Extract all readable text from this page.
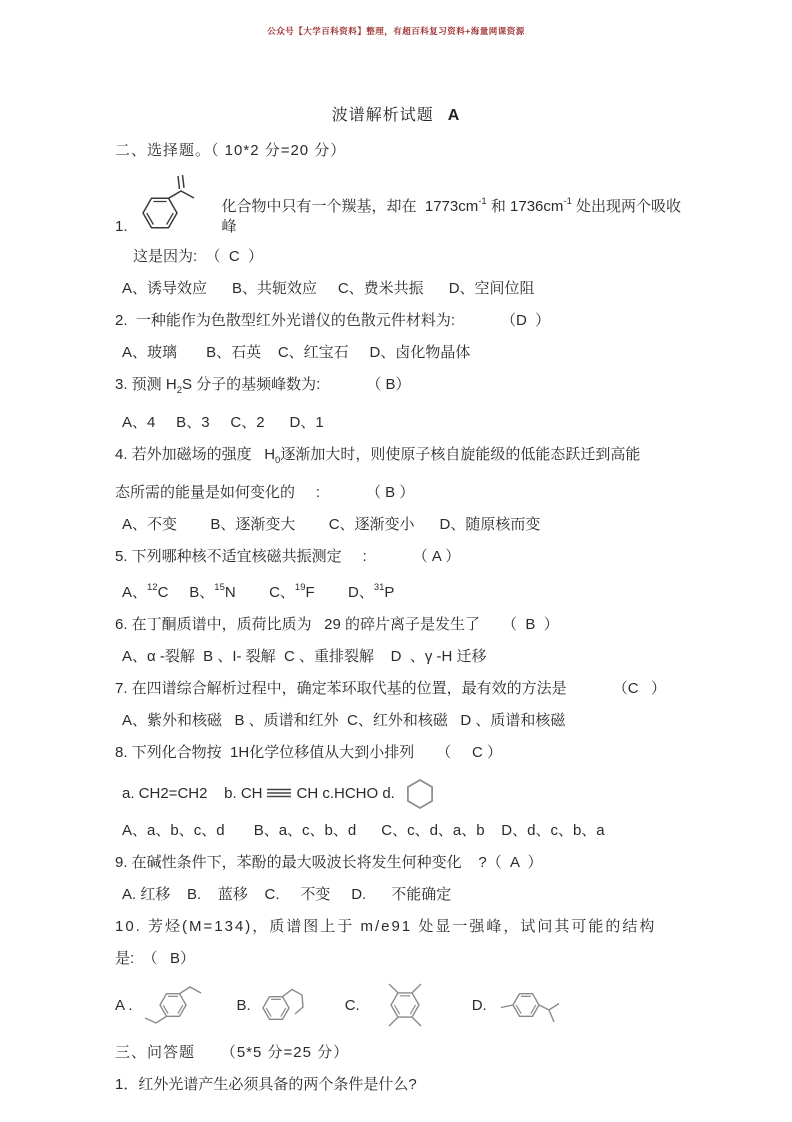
公众号【大学百科资料】整理，有超百科复习资料+海量网课资源
波谱解析试题 A
二、选择题。（ 10*2 分=20 分）
1.
化合物中只有一个羰基，却在  $1773cm^{-1}$ 和 $1736cm^{-1}$ 处出现两个吸收峰
这是因为:  （  C  ）
A、诱导效应      B、共轭效应     C、费米共振      D、空间位阻
2.  一种能作为色散型红外光谱仪的色散元件材料为:	（D  ）
A、玻璃       B、石英    C、红宝石     D、卤化物晶体
3. 预测 $H_2S$ 分子的基频峰数为:	（ B）
A、4     B、3     C、2      D、1
4. 若外加磁场的强度   $H_0$逐渐加大时，则使原子核自旋能级的低能态跃迁到高能
态所需的能量是如何变化的     :	（ B ）
A、不变        B、逐渐变大        C、逐渐变小      D、随原核而变
5. 下列哪种核不适宜核磁共振测定     :	（ A ）
A、$^{12}$C B、$^{15}$N C、$^{19}$F D、$^{31}$P
6. 在丁酮质谱中，质荷比质为   29 的碎片离子是发生了 （  B  ）
A、α -裂解  B 、I- 裂解  C 、重排裂解    D  、γ -H 迁移
7. 在四谱综合解析过程中，确定苯环取代基的位置，最有效的方法是	（C   ）
A、紫外和核磁   B 、质谱和红外  C、红外和核磁   D 、质谱和核磁
8. 下列化合物按  1H化学位移值从大到小排列 （     C ）
a. CH2=CH2    b. CH CH c.HCHO d.
A、a、b、c、d       B、a、c、b、d      C、c、d、a、b    D、d、c、b、a
9. 在碱性条件下，苯酚的最大吸波长将发生何种变化    ?（  A  ）
A. 红移    B.    蓝移    C.     不变     D.      不能确定
10. 芳烃(M=134)，质谱图上于 m/e91 处显一强峰，试问其可能的结构
是:  （   B）
A .	B.	C.	D.
三、问答题     （5*5 分=25 分）
1．红外光谱产生必须具备的两个条件是什么?
